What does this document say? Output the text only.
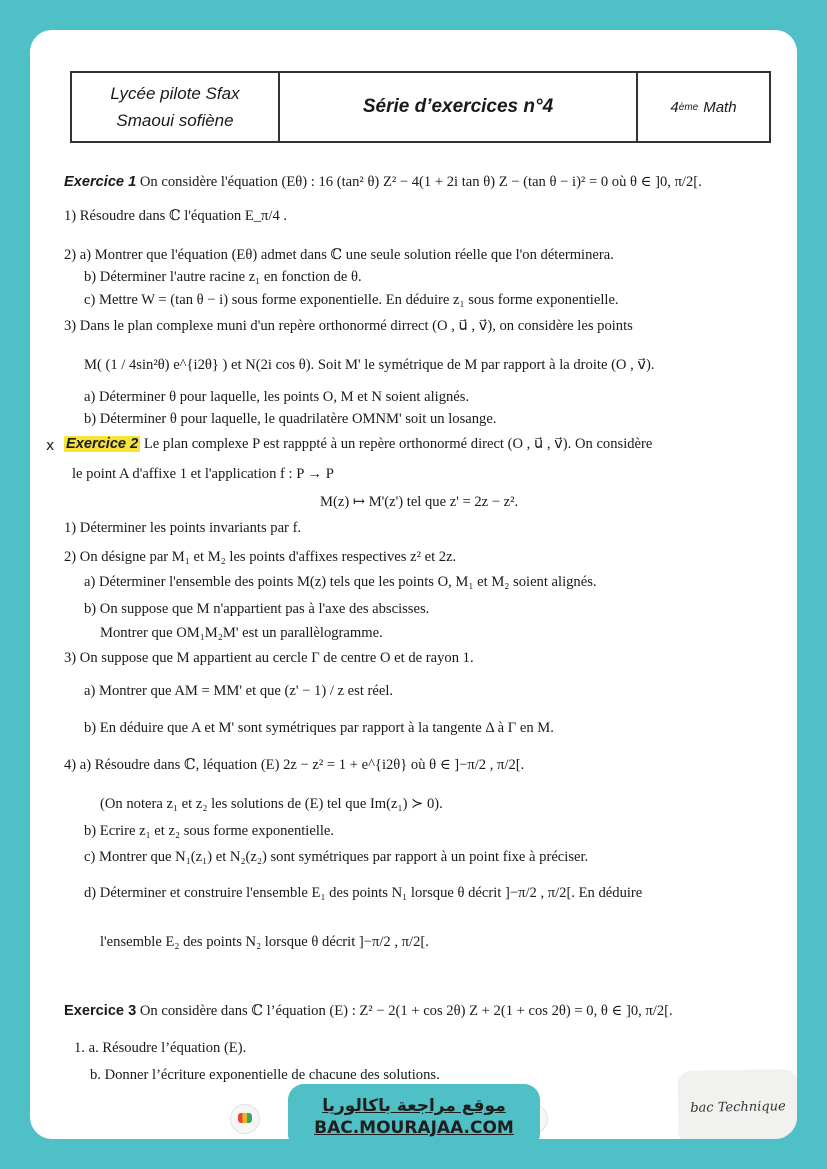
Lycée pilote Sfax
Smaoui sofiène
Série d’exercices n°4	4 ème Math
Exercice 1 On considère l'équation (Eθ) : 16 (tan² θ) Z² − 4(1 + 2i tan θ) Z − (tan θ − i)² = 0 où θ ∈ ]0, π/2[.
1) Résoudre dans ℂ l'équation E_π/4 .
2) a) Montrer que l'équation (Eθ) admet dans ℂ une seule solution réelle que l'on déterminera.
b) Déterminer l'autre racine z₁ en fonction de θ.
c) Mettre W = (tan θ − i) sous forme exponentielle. En déduire z₁ sous forme exponentielle.
3) Dans le plan complexe muni d'un repère orthonormé dirrect (O , u⃗ , v⃗), on considère les points
M( (1 / 4sin²θ) e^{i2θ} ) et N(2i cos θ). Soit M' le symétrique de M par rapport à la droite (O , v⃗).
a) Déterminer θ pour laquelle, les points O, M et N soient alignés.
b) Déterminer θ pour laquelle, le quadrilatère OMNM' soit un losange.
x Exercice 2 Le plan complexe P est rappрté à un repère orthonormé direct (O , u⃗ , v⃗). On considère
le point A d'affixe 1 et l'application f : P → P
M(z) ↦ M'(z') tel que z' = 2z − z².
1) Déterminer les points invariants par f.
2) On désigne par M₁ et M₂ les points d'affixes respectives z² et 2z.
a) Déterminer l'ensemble des points M(z) tels que les points O, M₁ et M₂ soient alignés.
b) On suppose que M n'appartient pas à l'axe des abscisses.
Montrer que OM₁M₂M' est un parallèlogramme.
3) On suppose que M appartient au cercle Γ de centre O et de rayon 1.
a) Montrer que AM = MM' et que (z' − 1) / z est réel.
b) En déduire que A et M' sont symétriques par rapport à la tangente Δ à Γ en M.
4) a) Résoudre dans ℂ, léquation (E) 2z − z² = 1 + e^{i2θ} où θ ∈ ]−π/2 , π/2[.
(On notera z₁ et z₂ les solutions de (E) tel que Im(z₁) ≻ 0).
b) Ecrire z₁ et z₂ sous forme exponentielle.
c) Montrer que N₁(z₁) et N₂(z₂) sont symétriques par rapport à un point fixe à préciser.
d) Déterminer et construire l'ensemble E₁ des points N₁ lorsque θ décrit ]−π/2 , π/2[. En déduire
l'ensemble E₂ des points N₂ lorsque θ décrit ]−π/2 , π/2[.
Exercice 3 On considère dans ℂ l’équation (E) : Z² − 2(1 + cos 2θ) Z + 2(1 + cos 2θ) = 0, θ ∈ ]0, π/2[.
1. a. Résoudre l’équation (E).
b. Donner l’écriture exponentielle de chacune des solutions.
موقع مراجعة باكالوريا
BAC.MOURAJAA.COM
bac Technique
